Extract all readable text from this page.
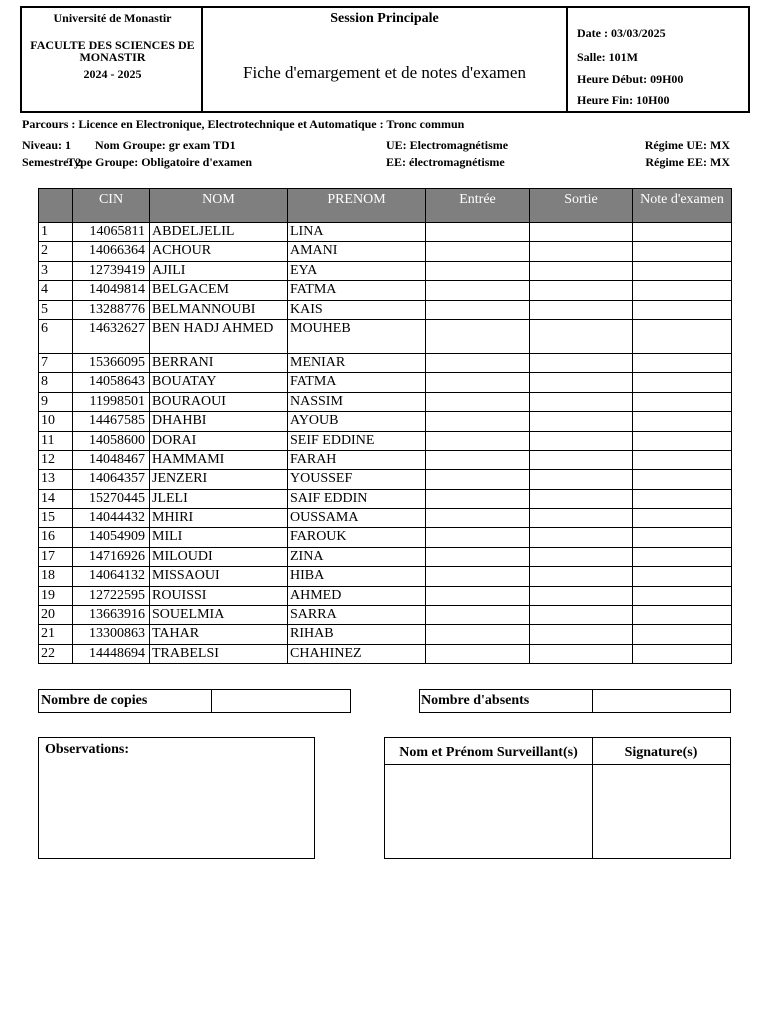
Université de Monastir
FACULTE DES SCIENCES DE
MONASTIR
2024 - 2025
Session Principale
Fiche d'emargement et de notes d'examen
Date : 03/03/2025
Salle: 101M
Heure Début: 09H00
Heure Fin: 10H00
Parcours : Licence en Electronique, Electrotechnique et Automatique : Tronc commun
Niveau: 1
Semestre: 2
Nom Groupe: gr exam TD1
Type Groupe: Obligatoire d'examen
UE: Electromagnétisme
EE: électromagnétisme
Régime UE: MX
Régime EE: MX
	CIN	NOM	PRENOM	Entrée	Sortie	Note d'examen
1	14065811	ABDELJELIL	LINA			
2	14066364	ACHOUR	AMANI			
3	12739419	AJILI	EYA			
4	14049814	BELGACEM	FATMA			
5	13288776	BELMANNOUBI	KAIS			
6	14632627	BEN HADJ AHMED	MOUHEB			
7	15366095	BERRANI	MENIAR			
8	14058643	BOUATAY	FATMA			
9	11998501	BOURAOUI	NASSIM			
10	14467585	DHAHBI	AYOUB			
11	14058600	DORAI	SEIF EDDINE			
12	14048467	HAMMAMI	FARAH			
13	14064357	JENZERI	YOUSSEF			
14	15270445	JLELI	SAIF EDDIN			
15	14044432	MHIRI	OUSSAMA			
16	14054909	MILI	FAROUK			
17	14716926	MILOUDI	ZINA			
18	14064132	MISSAOUI	HIBA			
19	12722595	ROUISSI	AHMED			
20	13663916	SOUELMIA	SARRA			
21	13300863	TAHAR	RIHAB			
22	14448694	TRABELSI	CHAHINEZ			
Nombre de copies	Nombre d'absents
Observations:	Nom et Prénom Surveillant(s)	Signature(s)
